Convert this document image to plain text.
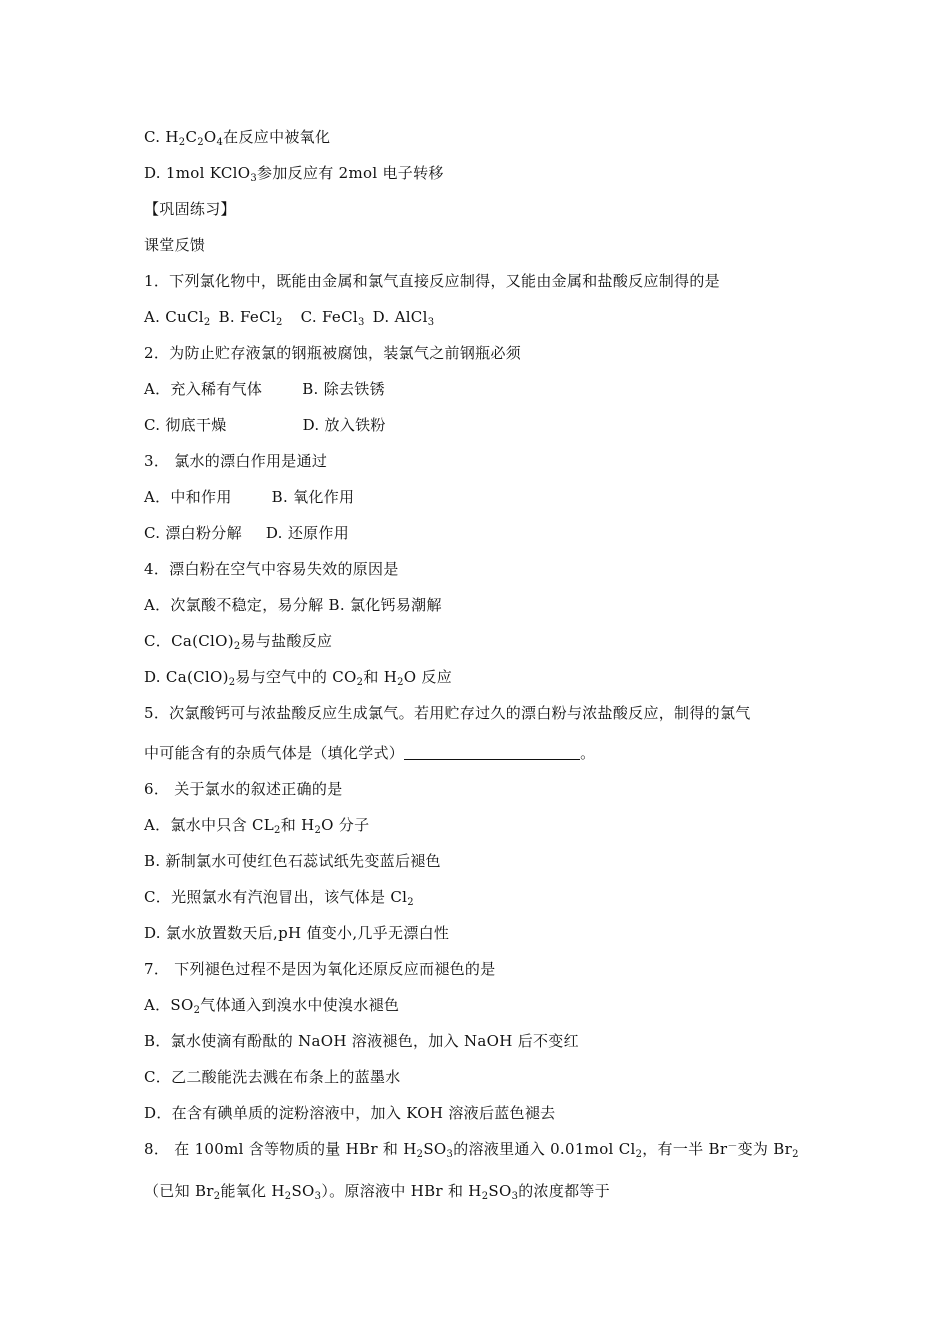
C. $H_2C_2O_4$在反应中被氧化
D. 1mol KClO$_3$参加反应有 2mol 电子转移
【巩固练习】
课堂反馈
1．下列氯化物中，既能由金属和氯气直接反应制得，又能由金属和盐酸反应制得的是
A. CuCl$_2$ B. FeCl$_2$ C. FeCl$_3$ D. AlCl$_3$
2．为防止贮存液氯的钢瓶被腐蚀，装氯气之前钢瓶必须
A．充入稀有气体	B. 除去铁锈
C. 彻底干燥	D. 放入铁粉
3． 氯水的漂白作用是通过
A．中和作用	B. 氧化作用
C. 漂白粉分解 D. 还原作用
4．漂白粉在空气中容易失效的原因是
A．次氯酸不稳定，易分解 B. 氯化钙易潮解
C．$Ca(ClO)_2$易与盐酸反应
D. $Ca(ClO)_2$易与空气中的 $CO_2$和 $H_2O$ 反应
5．次氯酸钙可与浓盐酸反应生成氯气。若用贮存过久的漂白粉与浓盐酸反应，制得的氯气
中可能含有的杂质气体是（填化学式）	。
6． 关于氯水的叙述正确的是
A．氯水中只含 $CL_2$和 $H_2O$ 分子
B. 新制氯水可使红色石蕊试纸先变蓝后褪色
C．光照氯水有汽泡冒出，该气体是 $Cl_2$
D. 氯水放置数天后,pH 值变小,几乎无漂白性
7． 下列褪色过程不是因为氧化还原反应而褪色的是
A．$SO_2$气体通入到溴水中使溴水褪色
B．氯水使滴有酚酞的 NaOH 溶液褪色，加入 NaOH 后不变红
C．乙二酸能洗去溅在布条上的蓝墨水
D．在含有碘单质的淀粉溶液中，加入 KOH 溶液后蓝色褪去
8． 在 100ml 含等物质的量 HBr 和 $H_2SO_3$的溶液里通入 0.01mol $Cl_2$，有一半 Br－变为 $Br_2$
（已知 $Br_2$能氧化 $H_2SO_3$）。原溶液中 HBr 和 $H_2SO_3$的浓度都等于
